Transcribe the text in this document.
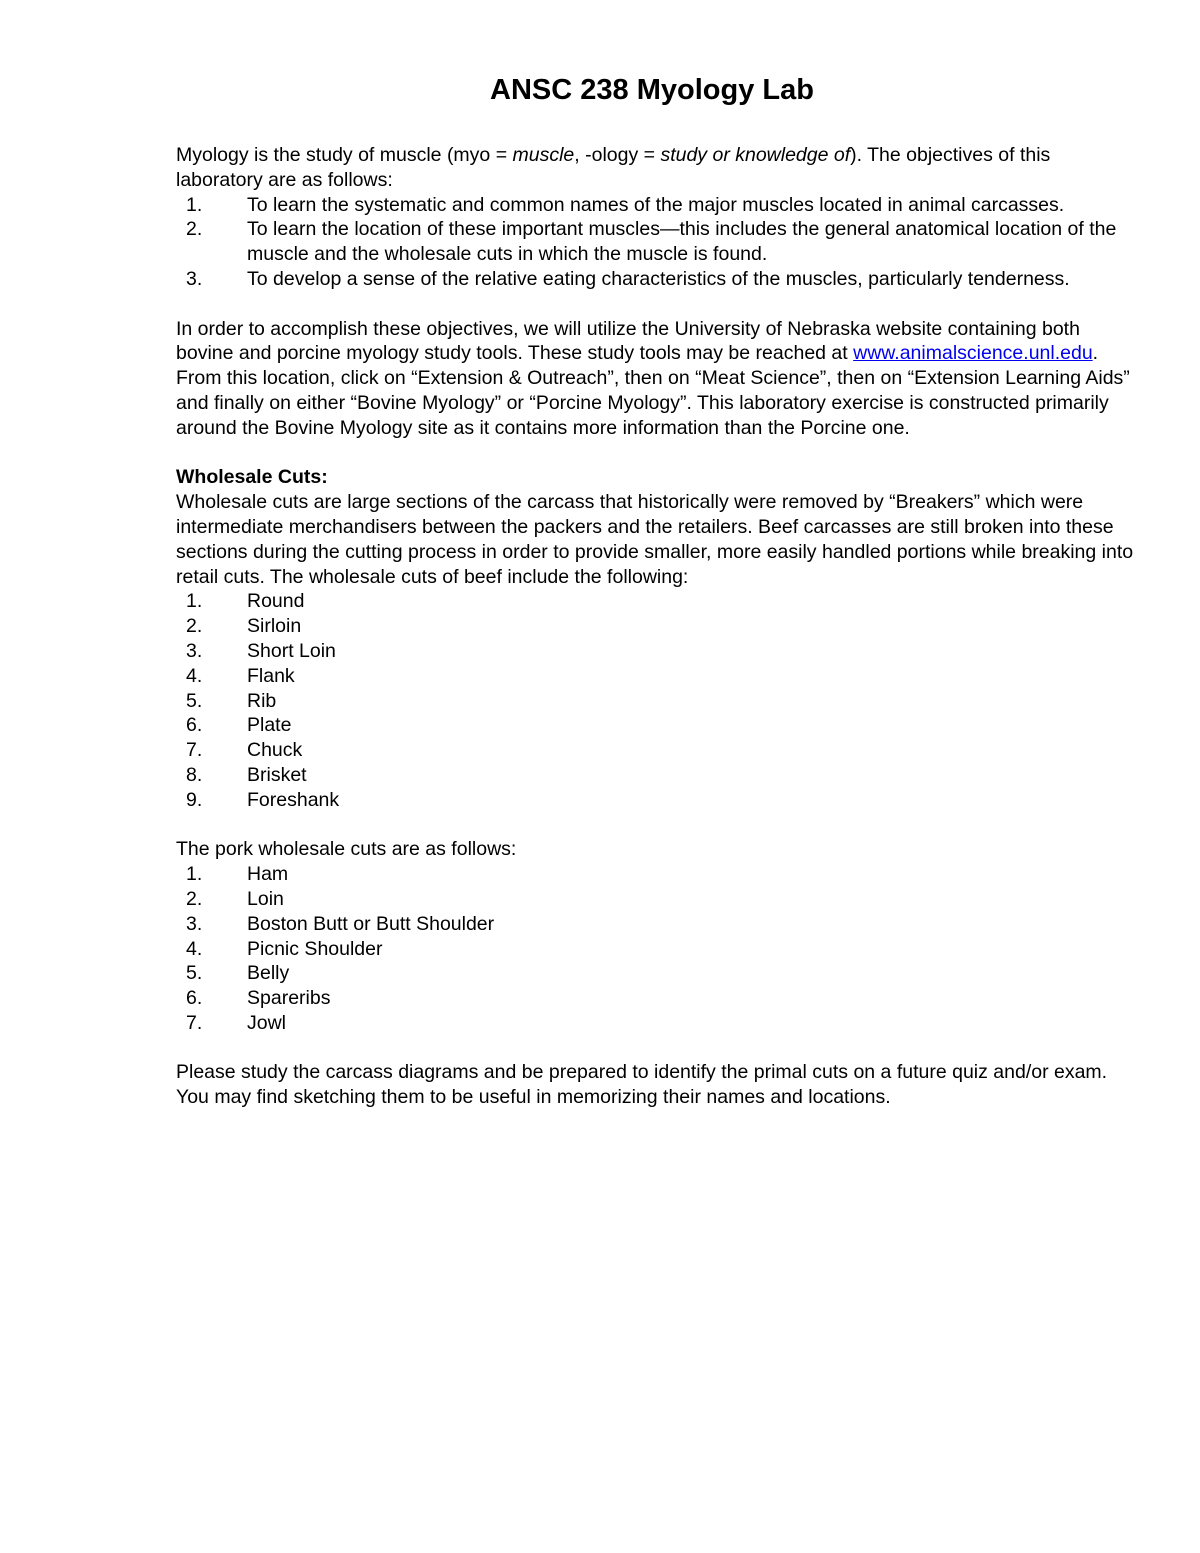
ANSC 238 Myology Lab

Myology is the study of muscle (myo = muscle, -ology = study or knowledge of). The objectives of this laboratory are as follows:

1. To learn the systematic and common names of the major muscles located in animal carcasses.
2. To learn the location of these important muscles—this includes the general anatomical location of the muscle and the wholesale cuts in which the muscle is found.
3. To develop a sense of the relative eating characteristics of the muscles, particularly tenderness.

In order to accomplish these objectives, we will utilize the University of Nebraska website containing both bovine and porcine myology study tools. These study tools may be reached at www.animalscience.unl.edu. From this location, click on “Extension & Outreach”, then on “Meat Science”, then on “Extension Learning Aids” and finally on either “Bovine Myology” or “Porcine Myology”. This laboratory exercise is constructed primarily around the Bovine Myology site as it contains more information than the Porcine one.

Wholesale Cuts:

Wholesale cuts are large sections of the carcass that historically were removed by “Breakers” which were intermediate merchandisers between the packers and the retailers. Beef carcasses are still broken into these sections during the cutting process in order to provide smaller, more easily handled portions while breaking into retail cuts. The wholesale cuts of beef include the following:

1. Round
2. Sirloin
3. Short Loin
4. Flank
5. Rib
6. Plate
7. Chuck
8. Brisket
9. Foreshank

The pork wholesale cuts are as follows:

1. Ham
2. Loin
3. Boston Butt or Butt Shoulder
4. Picnic Shoulder
5. Belly
6. Spareribs
7. Jowl

Please study the carcass diagrams and be prepared to identify the primal cuts on a future quiz and/or exam. You may find sketching them to be useful in memorizing their names and locations.
